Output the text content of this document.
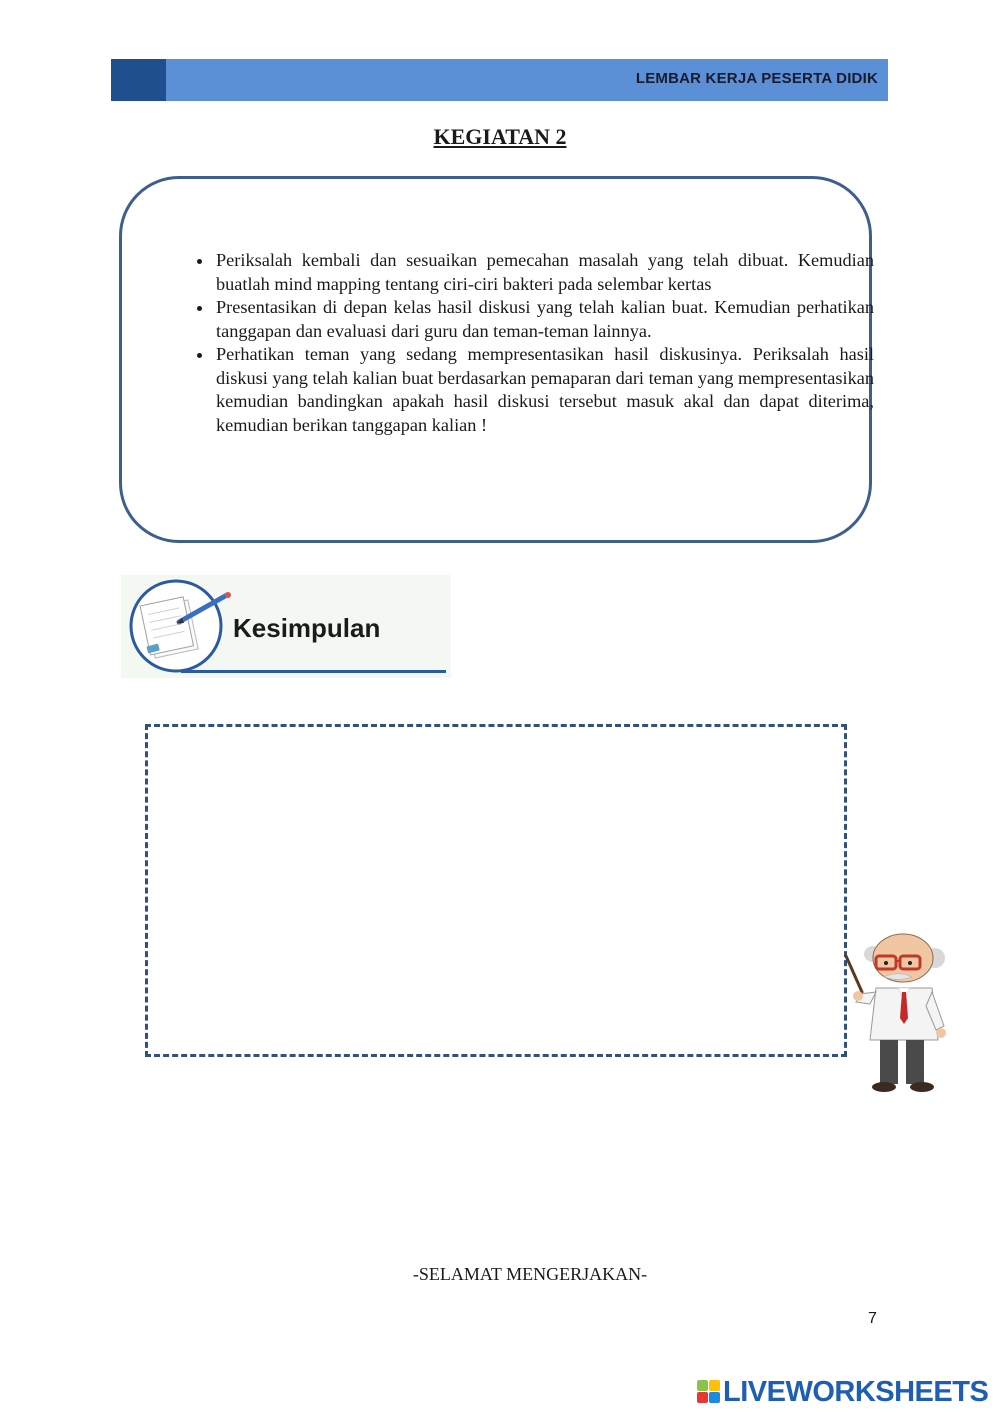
LEMBAR KERJA PESERTA DIDIK
KEGIATAN 2
• Periksalah kembali dan sesuaikan pemecahan masalah yang telah dibuat. Kemudian buatlah mind mapping tentang ciri-ciri bakteri pada selembar kertas
• Presentasikan di depan kelas hasil diskusi yang telah kalian buat. Kemudian perhatikan tanggapan dan evaluasi dari guru dan teman-teman lainnya.
• Perhatikan teman yang sedang mempresentasikan hasil diskusinya. Periksalah hasil diskusi yang telah kalian buat berdasarkan pemaparan dari teman yang mempresentasikan kemudian bandingkan apakah hasil diskusi tersebut masuk akal dan dapat diterima, kemudian berikan tanggapan kalian !
Kesimpulan
-SELAMAT MENGERJAKAN-
7
LIVEWORKSHEETS
